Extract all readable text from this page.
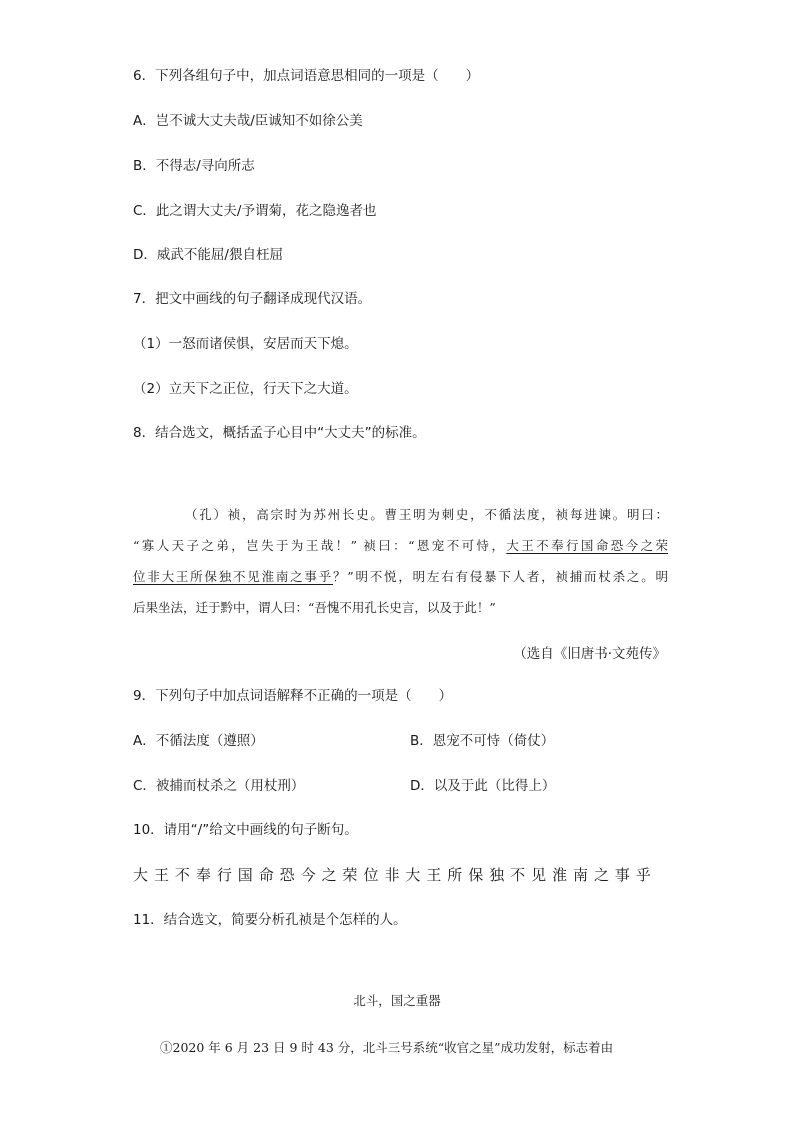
6．下列各组句子中，加点词语意思相同的一项是（　　）
A．岂不诚大丈夫哉/臣诚知不如徐公美
B．不得志/寻向所志
C．此之谓大丈夫/予谓菊，花之隐逸者也
D．威武不能屈/猥自枉屈
7．把文中画线的句子翻译成现代汉语。
（1）一怒而诸侯惧，安居而天下熄。
（2）立天下之正位，行天下之大道。
8．结合选文，概括孟子心目中“大丈夫”的标准。

（孔）祯，高宗时为苏州长史。曹王明为刺史，不循法度，祯每进谏。明曰：

“寡人天子之弟，岂失于为王哉！” 祯曰：“恩宠不可恃，大王不奉行国命恐今之荣

位非大王所保独不见淮南之事乎？”明不悦，明左右有侵暴下人者，祯捕而杖杀之。明

后果坐法，迁于黔中，谓人曰：“吾愧不用孔长史言，以及于此！”

（选自《旧唐书·文苑传》
9．下列句子中加点词语解释不正确的一项是（　　）
A．不循法度（遵照）	B．恩宠不可恃（倚仗）
C．被捕而杖杀之（用杖刑）	D．以及于此（比得上）
10．请用“/”给文中画线的句子断句。
大 王 不 奉 行 国 命 恐 今 之 荣 位 非 大 王 所 保 独 不 见 淮 南 之 事 乎
11．结合选文，简要分析孔祯是个怎样的人。
北斗，国之重器
①2020 年 6 月 23 日 9 时 43 分，北斗三号系统“收官之星”成功发射，标志着由
